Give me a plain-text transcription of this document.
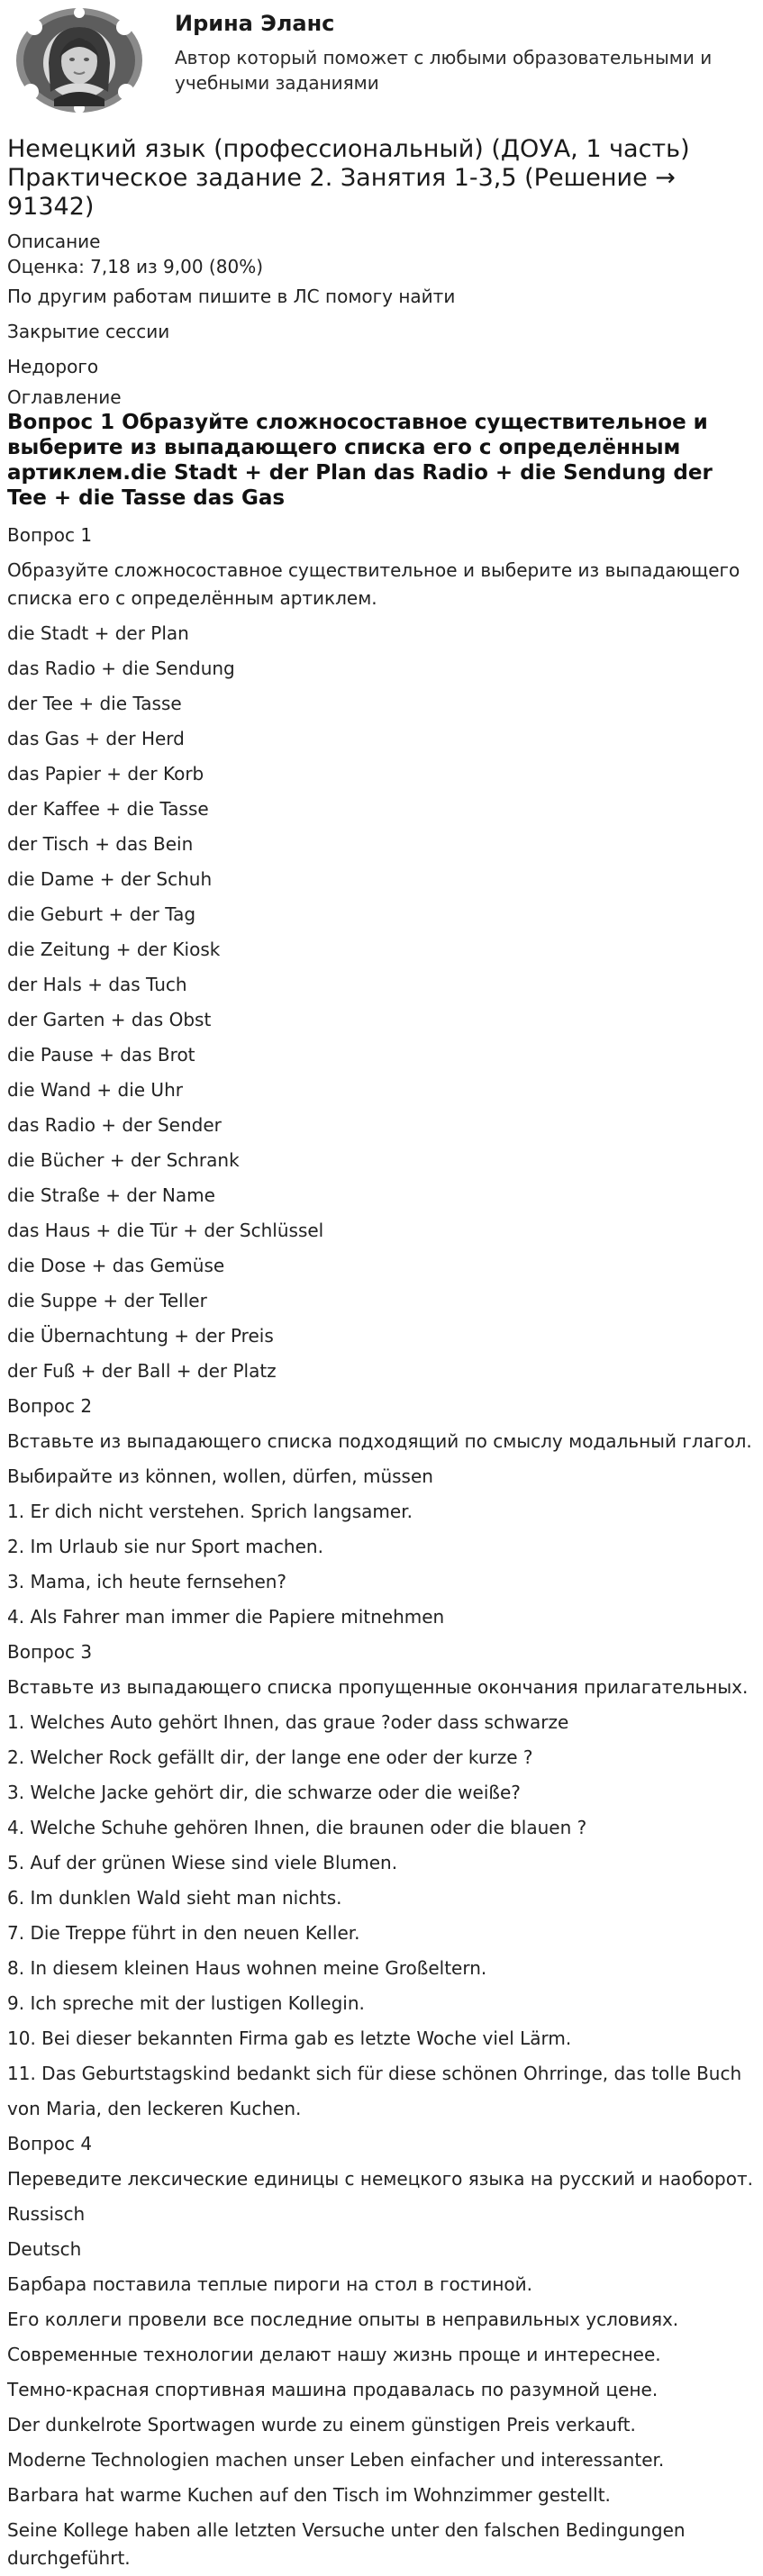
Ирина Эланс
Автор который поможет с любыми образовательными и учебными заданиями
Немецкий язык (профессиональный) (ДОУА, 1 часть) Практическое задание 2. Занятия 1-3,5 (Решение → 91342)
Описание
Оценка: 7,18 из 9,00 (80%)
По другим работам пишите в ЛС помогу найти
Закрытие сессии
Недорого
Оглавление
Вопрос 1 Образуйте сложносоставное существительное и выберите из выпадающего списка его с определённым артиклем.die Stadt + der Plan das Radio + die Sendung der Tee + die Tasse das Gas
Вопрос 1
Образуйте сложносоставное существительное и выберите из выпадающего списка его с определённым артиклем.
die Stadt + der Plan
das Radio + die Sendung
der Tee + die Tasse
das Gas + der Herd
das Papier + der Korb
der Kaffee + die Tasse
der Tisch + das Bein
die Dame + der Schuh
die Geburt + der Tag
die Zeitung + der Kiosk
der Hals + das Tuch
der Garten + das Obst
die Pause + das Brot
die Wand + die Uhr
das Radio + der Sender
die Bücher + der Schrank
die Straße + der Name
das Haus + die Tür + der Schlüssel
die Dose + das Gemüse
die Suppe + der Teller
die Übernachtung + der Preis
der Fuß + der Ball + der Platz
Вопрос 2
Вставьте из выпадающего списка подходящий по смыслу модальный глагол.
Выбирайте из können, wollen, dürfen, müssen
1. Er dich nicht verstehen. Sprich langsamer.
2. Im Urlaub sie nur Sport machen.
3. Mama, ich heute fernsehen?
4. Als Fahrer man immer die Papiere mitnehmen
Вопрос 3
Вставьте из выпадающего списка пропущенные окончания прилагательных.
1. Welches Auto gehört Ihnen, das graue ?oder dass schwarze
2. Welcher Rock gefällt dir, der lange ene oder der kurze ?
3. Welche Jacke gehört dir, die schwarze oder die weiße?
4. Welche Schuhe gehören Ihnen, die braunen oder die blauen ?
5. Auf der grünen Wiese sind viele Blumen.
6. Im dunklen Wald sieht man nichts.
7. Die Treppe führt in den neuen Keller.
8. In diesem kleinen Haus wohnen meine Großeltern.
9. Ich spreche mit der lustigen Kollegin.
10. Bei dieser bekannten Firma gab es letzte Woche viel Lärm.
11. Das Geburtstagskind bedankt sich für diese schönen Ohrringe, das tolle Buch
von Maria, den leckeren Kuchen.
Вопрос 4
Переведите лексические единицы с немецкого языка на русский и наоборот.
Russisch
Deutsch
Барбара поставила теплые пироги на стол в гостиной.
Его коллеги провели все последние опыты в неправильных условиях.
Современные технологии делают нашу жизнь проще и интереснее.
Темно-красная спортивная машина продавалась по разумной цене.
Der dunkelrote Sportwagen wurde zu einem günstigen Preis verkauft.
Moderne Technologien machen unser Leben einfacher und interessanter.
Barbara hat warme Kuchen auf den Tisch im Wohnzimmer gestellt.
Seine Kollege haben alle letzten Versuche unter den falschen Bedingungen durchgeführt.
